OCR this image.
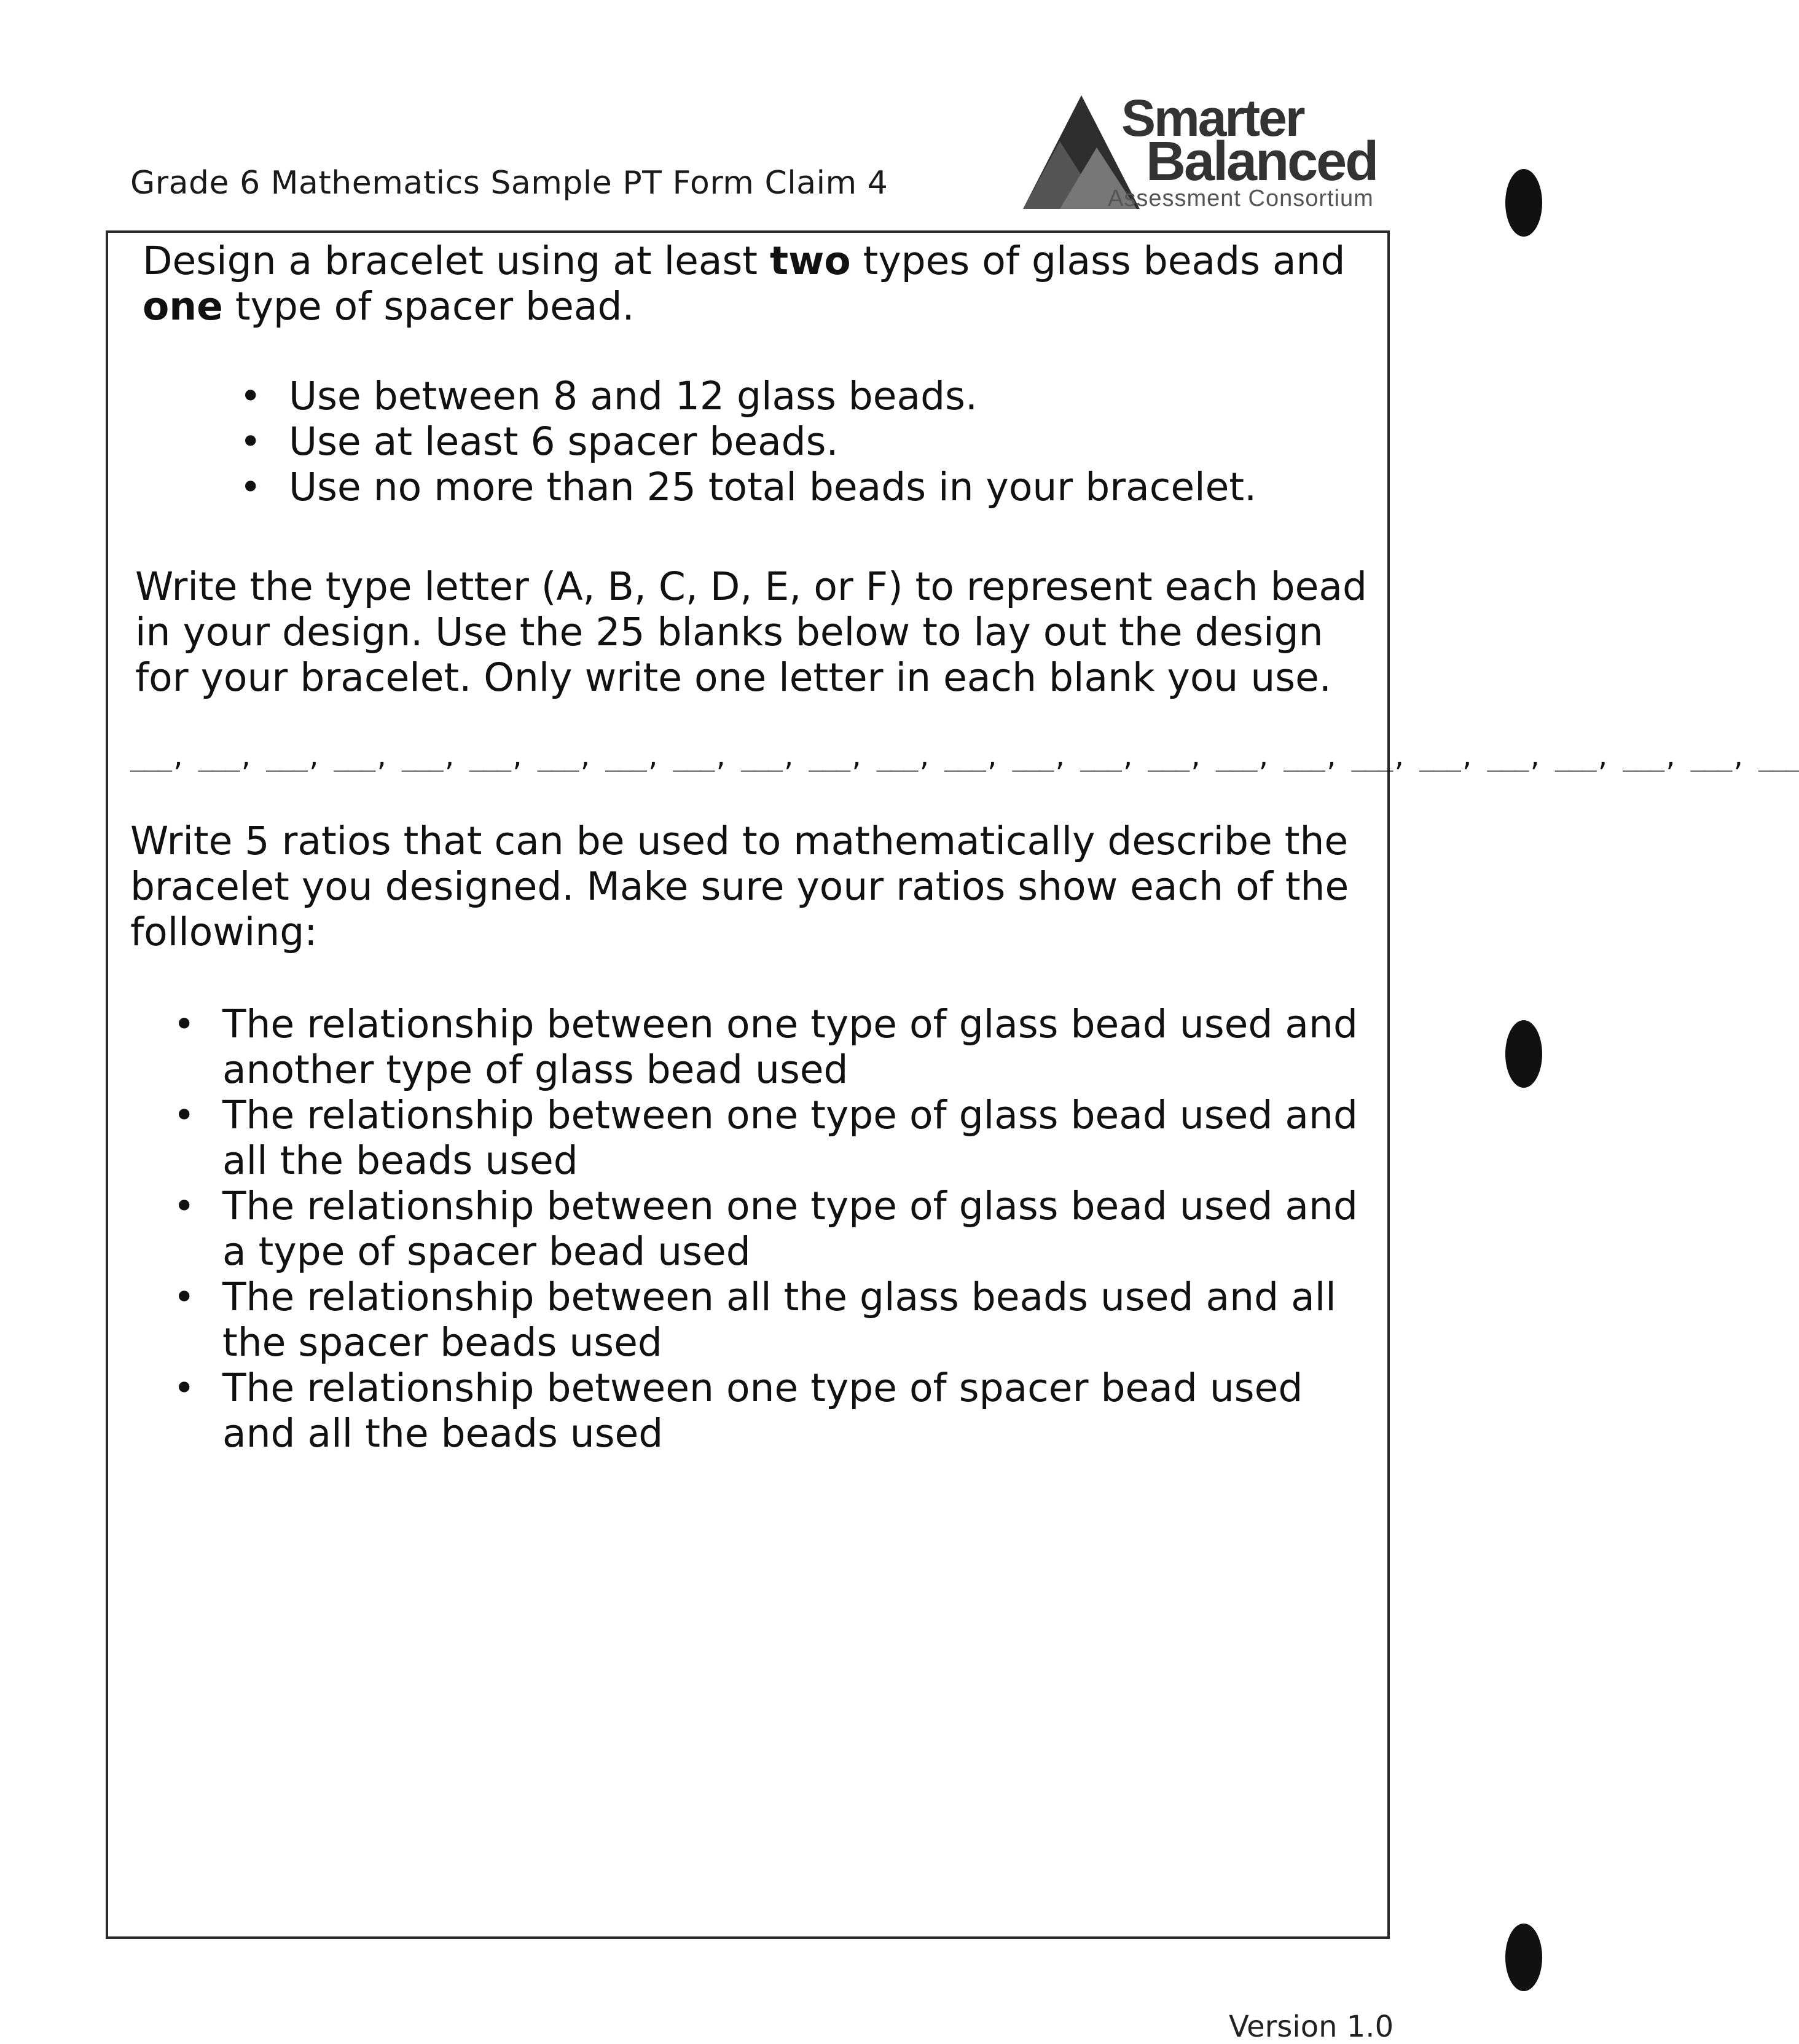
Grade 6 Mathematics Sample PT Form Claim 4
Smarter
Balanced
Assessment Consortium
Design a bracelet using at least two types of glass beads and one type of spacer bead.
• Use between 8 and 12 glass beads.
• Use at least 6 spacer beads.
• Use no more than 25 total beads in your bracelet.
Write the type letter (A, B, C, D, E, or F) to represent each bead in your design. Use the 25 blanks below to lay out the design for your bracelet. Only write one letter in each blank you use.
___, ___, ___, ___, ___, ___, ___, ___, ___, ___, ___, ___, ___, ___, ___, ___, ___, ___, ___, ___, ___, ___, ___, ___, ___
Write 5 ratios that can be used to mathematically describe the bracelet you designed. Make sure your ratios show each of the following:
• The relationship between one type of glass bead used and another type of glass bead used
• The relationship between one type of glass bead used and all the beads used
• The relationship between one type of glass bead used and a type of spacer bead used
• The relationship between all the glass beads used and all the spacer beads used
• The relationship between one type of spacer bead used and all the beads used
Version 1.0
